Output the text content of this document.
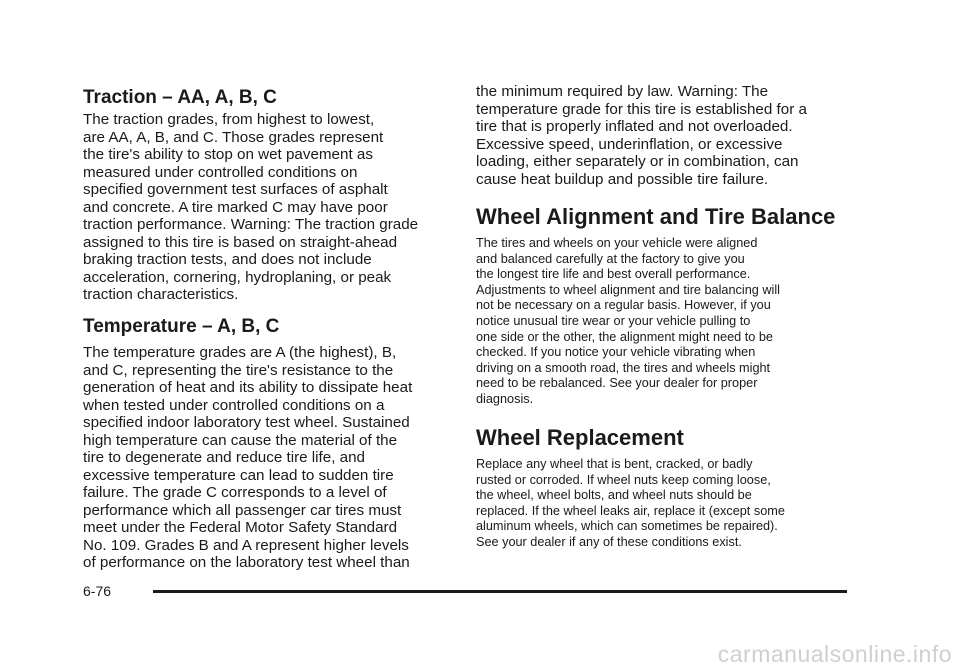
Traction – AA, A, B, C

The traction grades, from highest to lowest,
are AA, A, B, and C. Those grades represent
the tire's ability to stop on wet pavement as
measured under controlled conditions on
specified government test surfaces of asphalt
and concrete. A tire marked C may have poor
traction performance. Warning: The traction grade
assigned to this tire is based on straight-ahead
braking traction tests, and does not include
acceleration, cornering, hydroplaning, or peak
traction characteristics.

Temperature – A, B, C

The temperature grades are A (the highest), B,
and C, representing the tire's resistance to the
generation of heat and its ability to dissipate heat
when tested under controlled conditions on a
specified indoor laboratory test wheel. Sustained
high temperature can cause the material of the
tire to degenerate and reduce tire life, and
excessive temperature can lead to sudden tire
failure. The grade C corresponds to a level of
performance which all passenger car tires must
meet under the Federal Motor Safety Standard
No. 109. Grades B and A represent higher levels
of performance on the laboratory test wheel than

the minimum required by law. Warning: The
temperature grade for this tire is established for a
tire that is properly inflated and not overloaded.
Excessive speed, underinflation, or excessive
loading, either separately or in combination, can
cause heat buildup and possible tire failure.

Wheel Alignment and Tire Balance

The tires and wheels on your vehicle were aligned
and balanced carefully at the factory to give you
the longest tire life and best overall performance.
Adjustments to wheel alignment and tire balancing will
not be necessary on a regular basis. However, if you
notice unusual tire wear or your vehicle pulling to
one side or the other, the alignment might need to be
checked. If you notice your vehicle vibrating when
driving on a smooth road, the tires and wheels might
need to be rebalanced. See your dealer for proper
diagnosis.

Wheel Replacement

Replace any wheel that is bent, cracked, or badly
rusted or corroded. If wheel nuts keep coming loose,
the wheel, wheel bolts, and wheel nuts should be
replaced. If the wheel leaks air, replace it (except some
aluminum wheels, which can sometimes be repaired).
See your dealer if any of these conditions exist.

6-76
carmanualsonline.info
